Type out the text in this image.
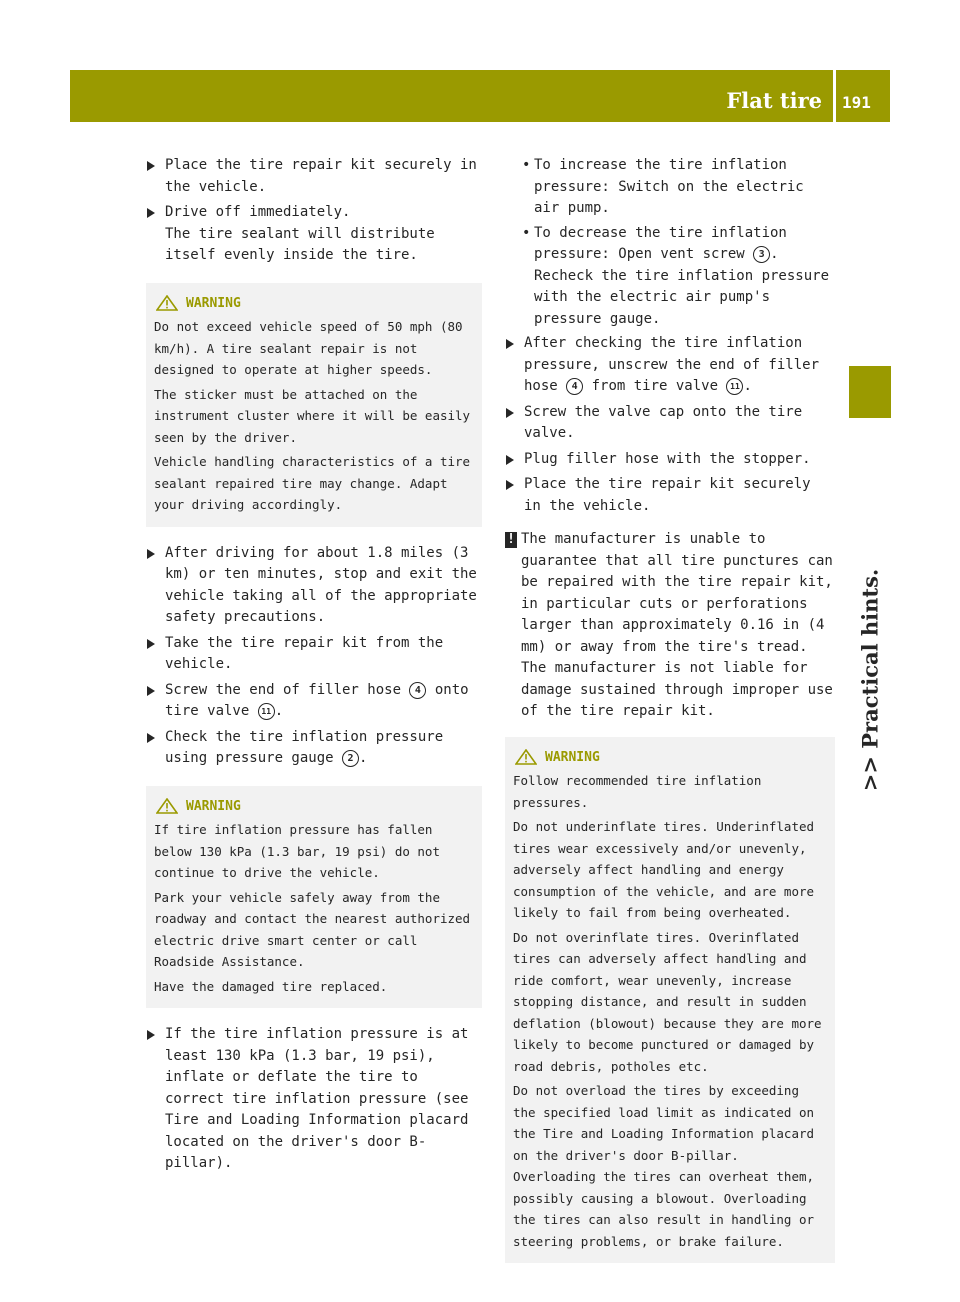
Flat tire 191
>> Practical hints.
Place the tire repair kit securely in the vehicle.
Drive off immediately.
The tire sealant will distribute itself evenly inside the tire.
WARNING

Do not exceed vehicle speed of 50 mph (80 km/h). A tire sealant repair is not designed to operate at higher speeds.

The sticker must be attached on the instrument cluster where it will be easily seen by the driver.

Vehicle handling characteristics of a tire sealant repaired tire may change. Adapt your driving accordingly.

After driving for about 1.8 miles (3 km) or ten minutes, stop and exit the vehicle taking all of the appropriate safety precautions.
Take the tire repair kit from the vehicle.
Screw the end of filler hose 4 onto tire valve 11 .
Check the tire inflation pressure using pressure gauge 2 .
WARNING

If tire inflation pressure has fallen below 130 kPa (1.3 bar, 19 psi) do not continue to drive the vehicle.

Park your vehicle safely away from the roadway and contact the nearest authorized electric drive smart center or call Roadside Assistance.

Have the damaged tire replaced.

If the tire inflation pressure is at least 130 kPa (1.3 bar, 19 psi), inflate or deflate the tire to correct tire inflation pressure (see Tire and Loading Information placard located on the driver's door B-pillar).
• To increase the tire inflation pressure: Switch on the electric air pump.
• To decrease the tire inflation pressure: Open vent screw 3 . Recheck the tire inflation pressure with the electric air pump's pressure gauge.
After checking the tire inflation pressure, unscrew the end of filler hose 4 from tire valve 11 .
Screw the valve cap onto the tire valve.
Plug filler hose with the stopper.
Place the tire repair kit securely in the vehicle.
! The manufacturer is unable to guarantee that all tire punctures can be repaired with the tire repair kit, in particular cuts or perforations larger than approximately 0.16 in (4 mm) or away from the tire's tread. The manufacturer is not liable for damage sustained through improper use of the tire repair kit.
WARNING

Follow recommended tire inflation pressures.

Do not underinflate tires. Underinflated tires wear excessively and/or unevenly, adversely affect handling and energy consumption of the vehicle, and are more likely to fail from being overheated.

Do not overinflate tires. Overinflated tires can adversely affect handling and ride comfort, wear unevenly, increase stopping distance, and result in sudden deflation (blowout) because they are more likely to become punctured or damaged by road debris, potholes etc.

Do not overload the tires by exceeding the specified load limit as indicated on the Tire and Loading Information placard on the driver's door B-pillar. Overloading the tires can overheat them, possibly causing a blowout. Overloading the tires can also result in handling or steering problems, or brake failure.
